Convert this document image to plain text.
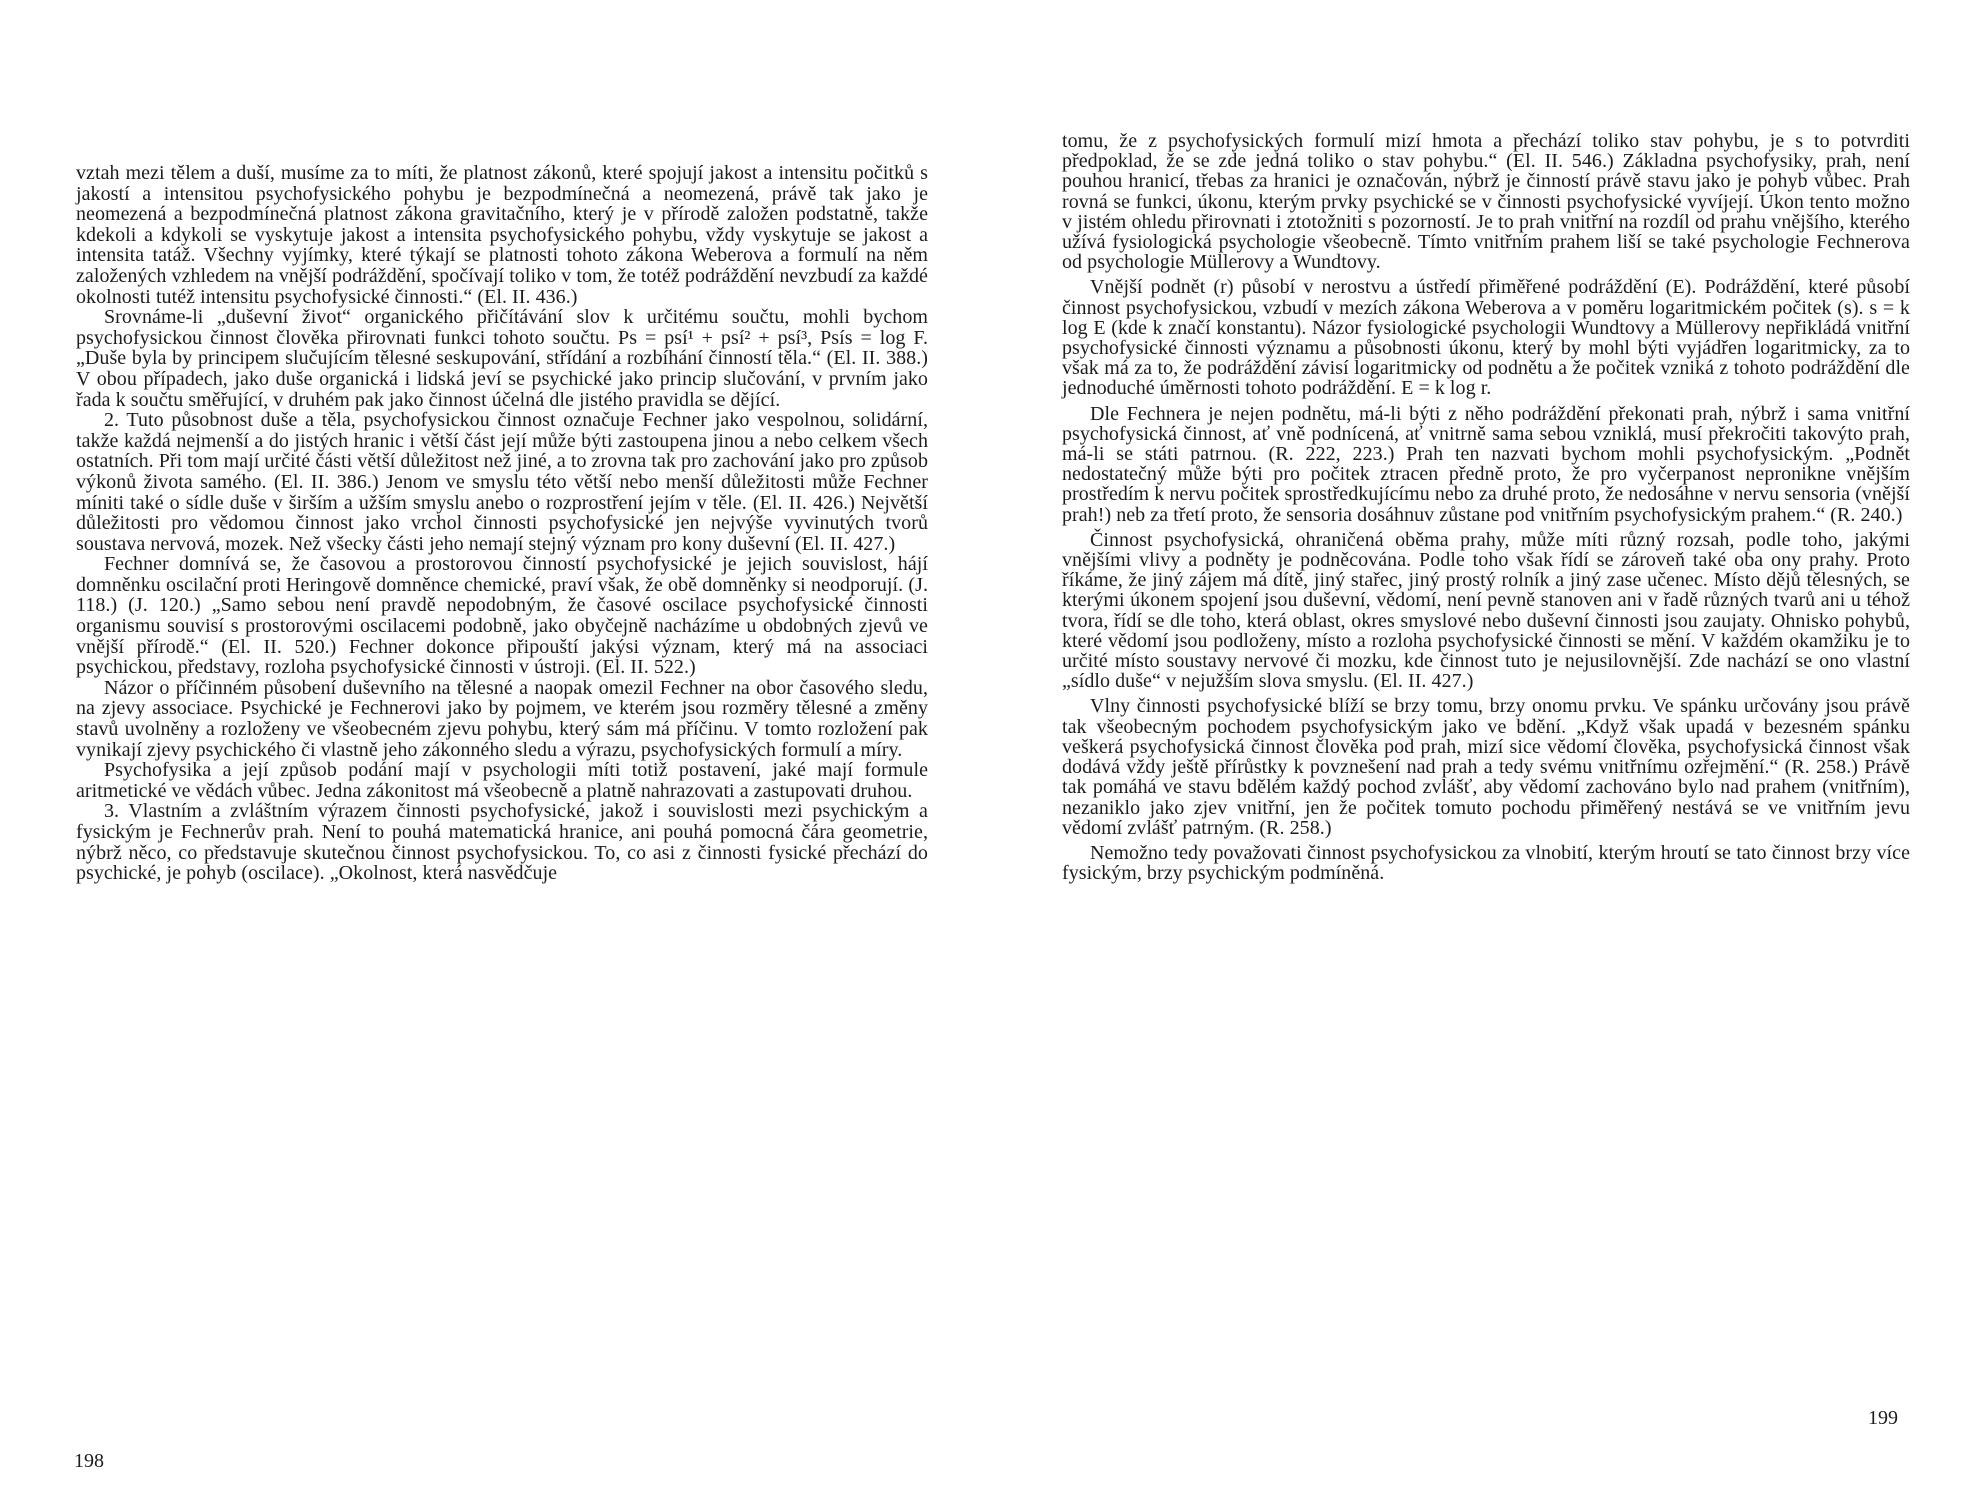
vztah mezi tělem a duší, musíme za to míti, že platnost zákonů, které spojují jakost a intensitu počitků s jakostí a intensitou psychofysického pohybu je bezpodmínečná a neomezená, právě tak jako je neomezená a bezpodmínečná platnost zákona gravitačního, který je v přírodě založen podstatně, takže kdekoli a kdykoli se vyskytuje jakost a intensita psychofysického pohybu, vždy vyskytuje se jakost a intensita tatáž. Všechny vyjímky, které týkají se platnosti tohoto zákona Weberova a formulí na něm založených vzhledem na vnější podráždění, spočívají toliko v tom, že totéž podráždění nevzbudí za každé okolnosti tutéž intensitu psychofysické činnosti.“ (El. II. 436.)

Srovnáme-li „duševní život“ organického přičítávání slov k určitému součtu, mohli bychom psychofysickou činnost člověka přirovnati funkci tohoto součtu. Ps = psí¹ + psí² + psí³, Psís = log F. „Duše byla by principem slučujícím tělesné seskupování, střídání a rozbíhání činností těla.“ (El. II. 388.) V obou případech, jako duše organická i lidská jeví se psychické jako princip slučování, v prvním jako řada k součtu směřující, v druhém pak jako činnost účelná dle jistého pravidla se dějící.

2. Tuto působnost duše a těla, psychofysickou činnost označuje Fechner jako vespolnou, solidární, takže každá nejmenší a do jistých hranic i větší část její může býti zastoupena jinou a nebo celkem všech ostatních. Při tom mají určité části větší důležitost než jiné, a to zrovna tak pro zachování jako pro způsob výkonů života samého. (El. II. 386.) Jenom ve smyslu této větší nebo menší důležitosti může Fechner míniti také o sídle duše v širším a užším smyslu anebo o rozprostření jejím v těle. (El. II. 426.) Největší důležitosti pro vědomou činnost jako vrchol činnosti psychofysické jen nejvýše vyvinutých tvorů soustava nervová, mozek. Než všecky části jeho nemají stejný význam pro kony duševní (El. II. 427.)

Fechner domnívá se, že časovou a prostorovou činností psychofysické je jejich souvislost, hájí domněnku oscilační proti Heringově domněnce chemické, praví však, že obě domněnky si neodporují. (J. 118.) (J. 120.) „Samo sebou není pravdě nepodobným, že časové oscilace psychofysické činnosti organismu souvisí s prostorovými oscilacemi podobně, jako obyčejně nacházíme u obdobných zjevů ve vnější přírodě.“ (El. II. 520.) Fechner dokonce připouští jakýsi význam, který má na associaci psychickou, představy, rozloha psychofysické činnosti v ústroji. (El. II. 522.)

Názor o příčinném působení duševního na tělesné a naopak omezil Fechner na obor časového sledu, na zjevy associace. Psychické je Fechnerovi jako by pojmem, ve kterém jsou rozměry tělesné a změny stavů uvolněny a rozloženy ve všeobecném zjevu pohybu, který sám má příčinu. V tomto rozložení pak vynikají zjevy psychického či vlastně jeho zákonného sledu a výrazu, psychofysických formulí a míry.

Psychofysika a její způsob podání mají v psychologii míti totiž postavení, jaké mají formule aritmetické ve vědách vůbec. Jedna zákonitost má všeobecně a platně nahrazovati a zastupovati druhou.

3. Vlastním a zvláštním výrazem činnosti psychofysické, jakož i souvislosti mezi psychickým a fysickým je Fechnerův prah. Není to pouhá matematická hranice, ani pouhá pomocná čára geometrie, nýbrž něco, co představuje skutečnou činnost psychofysickou. To, co asi z činnosti fysické přechází do psychické, je pohyb (oscilace). „Okolnost, která nasvědčuje

198

tomu, že z psychofysických formulí mizí hmota a přechází toliko stav pohybu, je s to potvrditi předpoklad, že se zde jedná toliko o stav pohybu.“ (El. II. 546.) Základna psychofysiky, prah, není pouhou hranicí, třebas za hranici je označován, nýbrž je činností právě stavu jako je pohyb vůbec. Prah rovná se funkci, úkonu, kterým prvky psychické se v činnosti psychofysické vyvíjejí. Úkon tento možno v jistém ohledu přirovnati i ztotožniti s pozorností. Je to prah vnitřní na rozdíl od prahu vnějšího, kterého užívá fysiologická psychologie všeobecně. Tímto vnitřním prahem liší se také psychologie Fechnerova od psychologie Müllerovy a Wundtovy.

Vnější podnět (r) působí v nerostvu a ústředí přiměřené podráždění (E). Podráždění, které působí činnost psychofysickou, vzbudí v mezích zákona Weberova a v poměru logaritmickém počitek (s). s = k log E (kde k značí konstantu). Názor fysiologické psychologii Wundtovy a Müllerovy nepřikládá vnitřní psychofysické činnosti významu a působnosti úkonu, který by mohl býti vyjádřen logaritmicky, za to však má za to, že podráždění závisí logaritmicky od podnětu a že počitek vzniká z tohoto podráždění dle jednoduché úměrnosti tohoto podráždění. E = k log r.

Dle Fechnera je nejen podnětu, má-li býti z něho podráždění překonati prah, nýbrž i sama vnitřní psychofysická činnost, ať vně podnícená, ať vnitrně sama sebou vzniklá, musí překročiti takovýto prah, má-li se státi patrnou. (R. 222, 223.) Prah ten nazvati bychom mohli psychofysickým. „Podnět nedostatečný může býti pro počitek ztracen předně proto, že pro vyčerpanost nepronikne vnějším prostředím k nervu počitek sprostředkujícímu nebo za druhé proto, že nedosáhne v nervu sensoria (vnější prah!) neb za třetí proto, že sensoria dosáhnuv zůstane pod vnitřním psychofysickým prahem.“ (R. 240.)

Činnost psychofysická, ohraničená oběma prahy, může míti různý rozsah, podle toho, jakými vnějšími vlivy a podněty je podněcována. Podle toho však řídí se zároveň také oba ony prahy. Proto říkáme, že jiný zájem má dítě, jiný stařec, jiný prostý rolník a jiný zase učenec. Místo dějů tělesných, se kterými úkonem spojení jsou duševní, vědomí, není pevně stanoven ani v řadě různých tvarů ani u téhož tvora, řídí se dle toho, která oblast, okres smyslové nebo duševní činnosti jsou zaujaty. Ohnisko pohybů, které vědomí jsou podloženy, místo a rozloha psychofysické činnosti se mění. V každém okamžiku je to určité místo soustavy nervové či mozku, kde činnost tuto je nejusilovnější. Zde nachází se ono vlastní „sídlo duše“ v nejužším slova smyslu. (El. II. 427.)

Vlny činnosti psychofysické blíží se brzy tomu, brzy onomu prvku. Ve spánku určovány jsou právě tak všeobecným pochodem psychofysickým jako ve bdění. „Když však upadá v bezesném spánku veškerá psychofysická činnost člověka pod prah, mizí sice vědomí člověka, psychofysická činnost však dodává vždy ještě přírůstky k povznešení nad prah a tedy svému vnitřnímu ozřejmění.“ (R. 258.) Právě tak pomáhá ve stavu bdělém každý pochod zvlášť, aby vědomí zachováno bylo nad prahem (vnitřním), nezaniklo jako zjev vnitřní, jen že počitek tomuto pochodu přiměřený nestává se ve vnitřním jevu vědomí zvlášť patrným. (R. 258.)

Nemožno tedy považovati činnost psychofysickou za vlnobití, kterým hroutí se tato činnost brzy více fysickým, brzy psychickým podmíněná.

199
